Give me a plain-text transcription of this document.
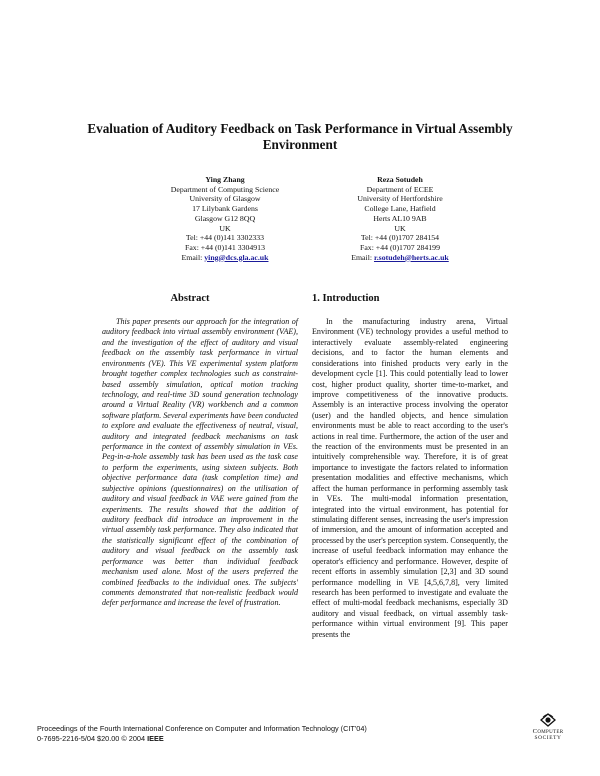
Evaluation of Auditory Feedback on Task Performance in Virtual Assembly Environment
Ying Zhang
Department of Computing Science
University of Glasgow
17 Lilybank Gardens
Glasgow G12 8QQ
UK
Tel: +44 (0)141 3302333
Fax: +44 (0)141 3304913
Email: ying@dcs.gla.ac.uk
Reza Sotudeh
Department of ECEE
University of Hertfordshire
College Lane, Hatfield
Herts AL10 9AB
UK
Tel: +44 (0)1707 284154
Fax: +44 (0)1707 284199
Email: r.sotudeh@herts.ac.uk
Abstract	1. Introduction

This paper presents our approach for the integration of auditory feedback into virtual assembly environment (VAE), and the investigation of the effect of auditory and visual feedback on the assembly task performance in virtual environments (VE). This VE experimental system platform brought together complex technologies such as constraint-based assembly simulation, optical motion tracking technology, and real-time 3D sound generation technology around a Virtual Reality (VR) workbench and a common software platform. Several experiments have been conducted to explore and evaluate the effectiveness of neutral, visual, auditory and integrated feedback mechanisms on task performance in the context of assembly simulation in VEs. Peg-in-a-hole assembly task has been used as the task case to perform the experiments, using sixteen subjects. Both objective performance data (task completion time) and subjective opinions (questionnaires) on the utilisation of auditory and visual feedback in VAE were gained from the experiments. The results showed that the addition of auditory feedback did introduce an improvement in the virtual assembly task performance. They also indicated that the statistically significant effect of the combination of auditory and visual feedback on the assembly task performance was better than individual feedback mechanism used alone. Most of the users preferred the combined feedbacks to the individual ones. The subjects' comments demonstrated that non-realistic feedback would defer performance and increase the level of frustration.

In the manufacturing industry arena, Virtual Environment (VE) technology provides a useful method to interactively evaluate assembly-related engineering decisions, and to factor the human elements and considerations into finished products very early in the development cycle [1]. This could potentially lead to lower cost, higher product quality, shorter time-to-market, and improve competitiveness of the innovative products. Assembly is an interactive process involving the operator (user) and the handled objects, and hence simulation environments must be able to react according to the user's actions in real time. Furthermore, the action of the user and the reaction of the environments must be presented in an intuitively comprehensible way. Therefore, it is of great importance to investigate the factors related to information presentation modalities and effective mechanisms, which affect the human performance in performing assembly task in VEs. The multi-modal information presentation, integrated into the virtual environment, has potential for stimulating different senses, increasing the user's impression of immersion, and the amount of information accepted and processed by the user's perception system. Consequently, the increase of useful feedback information may enhance the operator's efficiency and performance. However, despite of recent efforts in assembly simulation [2,3] and 3D sound performance modelling in VE [4,5,6,7,8], very limited research has been performed to investigate and evaluate the effect of multi-modal feedback mechanisms, especially 3D auditory and visual feedback, on virtual assembly task-performance within virtual environment [9]. This paper presents the

Proceedings of the Fourth International Conference on Computer and Information Technology (CIT'04)
0-7695-2216-5/04 $20.00 © 2004 IEEE
Computer
SOCIETY
